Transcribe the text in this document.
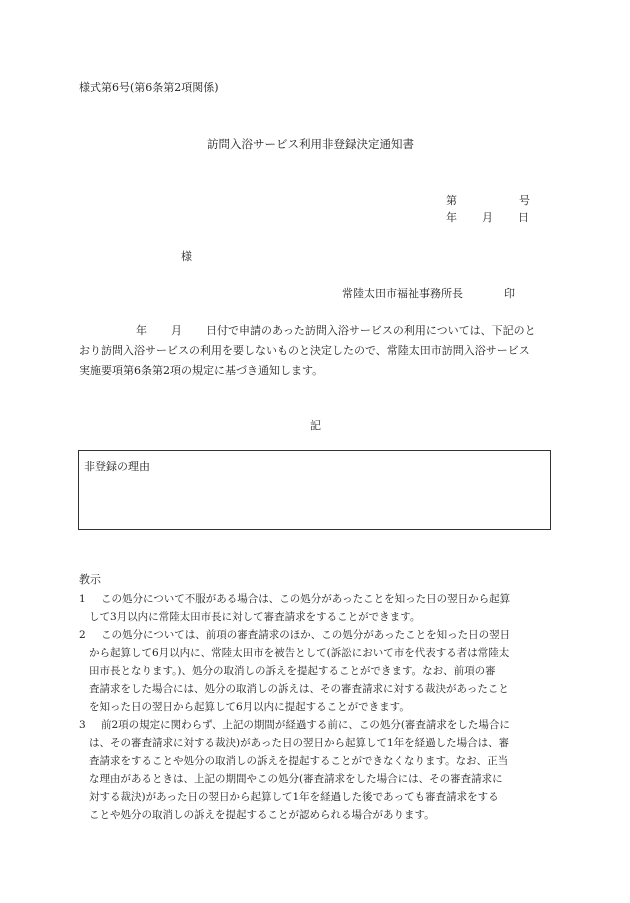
様式第6号(第6条第2項関係)
訪問入浴サービス利用非登録決定通知書
第	号
年 月 日
様
常陸太田市福祉事務所長	印
年 月 日付で申請のあった訪問入浴サービスの利用については、下記のと
おり訪問入浴サービスの利用を要しないものと決定したので、常陸太田市訪問入浴サービス
実施要項第6条第2項の規定に基づき通知します。
記
非登録の理由
教示
1 この処分について不服がある場合は、この処分があったことを知った日の翌日から起算
して3月以内に常陸太田市長に対して審査請求をすることができます。
2 この処分については、前項の審査請求のほか、この処分があったことを知った日の翌日
から起算して6月以内に、常陸太田市を被告として(訴訟において市を代表する者は常陸太
田市長となります。)、処分の取消しの訴えを提起することができます。なお、前項の審
査請求をした場合には、処分の取消しの訴えは、その審査請求に対する裁決があったこと
を知った日の翌日から起算して6月以内に提起することができます。
3 前2項の規定に関わらず、上記の期間が経過する前に、この処分(審査請求をした場合に
は、その審査請求に対する裁決)があった日の翌日から起算して1年を経過した場合は、審
査請求をすることや処分の取消しの訴えを提起することができなくなります。なお、正当
な理由があるときは、上記の期間やこの処分(審査請求をした場合には、その審査請求に
対する裁決)があった日の翌日から起算して1年を経過した後であっても審査請求をする
ことや処分の取消しの訴えを提起することが認められる場合があります。
